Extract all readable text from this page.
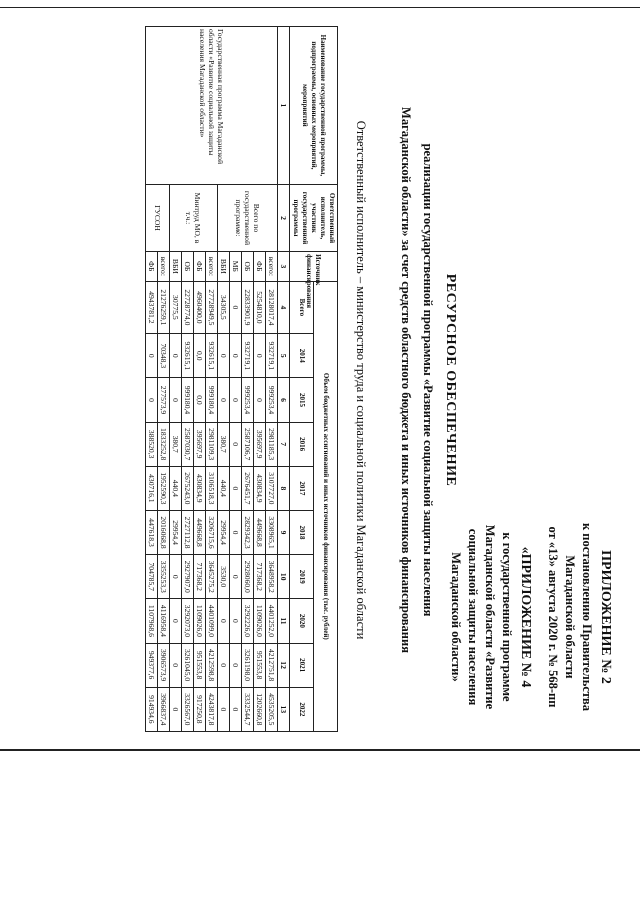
ПРИЛОЖЕНИЕ № 2
к постановлению Правительства
Магаданской области
от «13» августа 2020 г. № 568-пп
«ПРИЛОЖЕНИЕ № 4
к государственной программе
Магаданской области «Развитие
социальной защиты населения
Магаданской области»
РЕСУРСНОЕ ОБЕСПЕЧЕНИЕ
реализации государственной программы «Развитие социальной защиты населения
Магаданской области» за счет средств областного бюджета и иных источников финансирования
Ответственный исполнитель – министерство труда и социальной политики Магаданской области
Наименование государственной программы, подпрограммы, основных мероприятий, мероприятий	Ответственный исполнитель, участник государственной программы	Источник финансирования	Объем бюджетных ассигнований и иных источников финансирования (тыс. рублей)									
			Всего	2014	2015	2016	2017	2018	2019	2020	2021	2022
1	2	3	4	5	6	7	8	9	10	11	12	13
Государственная программа Магаданской области «Развитие социальной защиты населения Магаданской области»	Всего по государственной программе:	всего:	28128017,4	932719,1	999253,4	2981185,3	3107727,0	3308965,1	3648958,2	4401252,0	4212751,8	4535205,5
		ФБ	5254810,0	0	0	395697,9	430834,9	449668,8	717368,2	1109026,0	951553,8	1202660,8
		ОБ	22833901,9	932719,1	999253,4	2587106,7	2676451,7	2829342,3	2928060,0	3292226,0	3261198,0	3332544,7
		МБ	0	0	0	0	0	0	0	0	0	0
		ВБИ	34305,5	0	0	380,7	440,4	29954,4	3530,0	0	0	0
	Минтруд МО, в т.ч.:	всего:	27728949,5	932615,1	999180,4	2981109,3	3106518,3	3206715,6	3645275,2	4401099,0	4212598,8	4243817,8
		ФБ	4960400,0	0,0	0,0	395697,9	430834,9	449668,8	717368,2	1109026,0	951553,8	917250,8
		ОБ	22728774,0	932615,1	999180,4	2587030,7	2675243,0	2727112,8	2927907,0	3292073,0	3261045,0	3326567,0
		ВБИ	30775,5	0	0	380,7	440,4	29954,4	0	0	0	0
	ГУСОН	всего:	21276259,1	70348,3	277573,9	1833252,8	1952590,3	2016068,8	3355253,3	4116958,4	3906573,9	3966837,4
		ФБ	4943781,2	0	0	388520,3	430716,1	447618,3	704785,7	1107968,6	949377,6	914934,6
